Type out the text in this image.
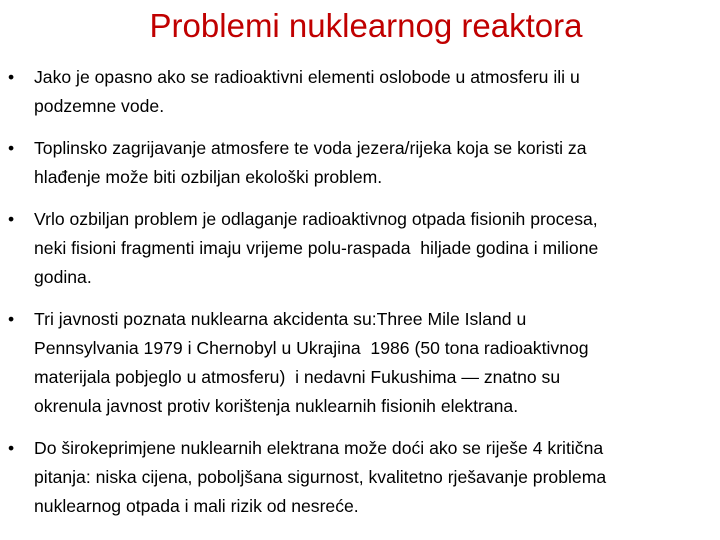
Problemi nuklearnog reaktora
•	Jako je opasno ako se radioaktivni elementi oslobode u atmosferu ili u
podzemne vode.
•	Toplinsko zagrijavanje atmosfere te voda jezera/rijeka koja se koristi za
hlađenje može biti ozbiljan ekološki problem.
•	Vrlo ozbiljan problem je odlaganje radioaktivnog otpada fisionih procesa,
neki fisioni fragmenti imaju vrijeme polu-raspada  hiljade godina i milione
godina.
•	Tri javnosti poznata nuklearna akcidenta su:Three Mile Island u
Pennsylvania 1979 i Chernobyl u Ukrajina  1986 (50 tona radioaktivnog
materijala pobjeglo u atmosferu)  i nedavni Fukushima — znatno su
okrenula javnost protiv korištenja nuklearnih fisionih elektrana.
•	Do širokeprimjene nuklearnih elektrana može doći ako se riješe 4 kritična
pitanja: niska cijena, poboljšana sigurnost, kvalitetno rješavanje problema
nuklearnog otpada i mali rizik od nesreće.
